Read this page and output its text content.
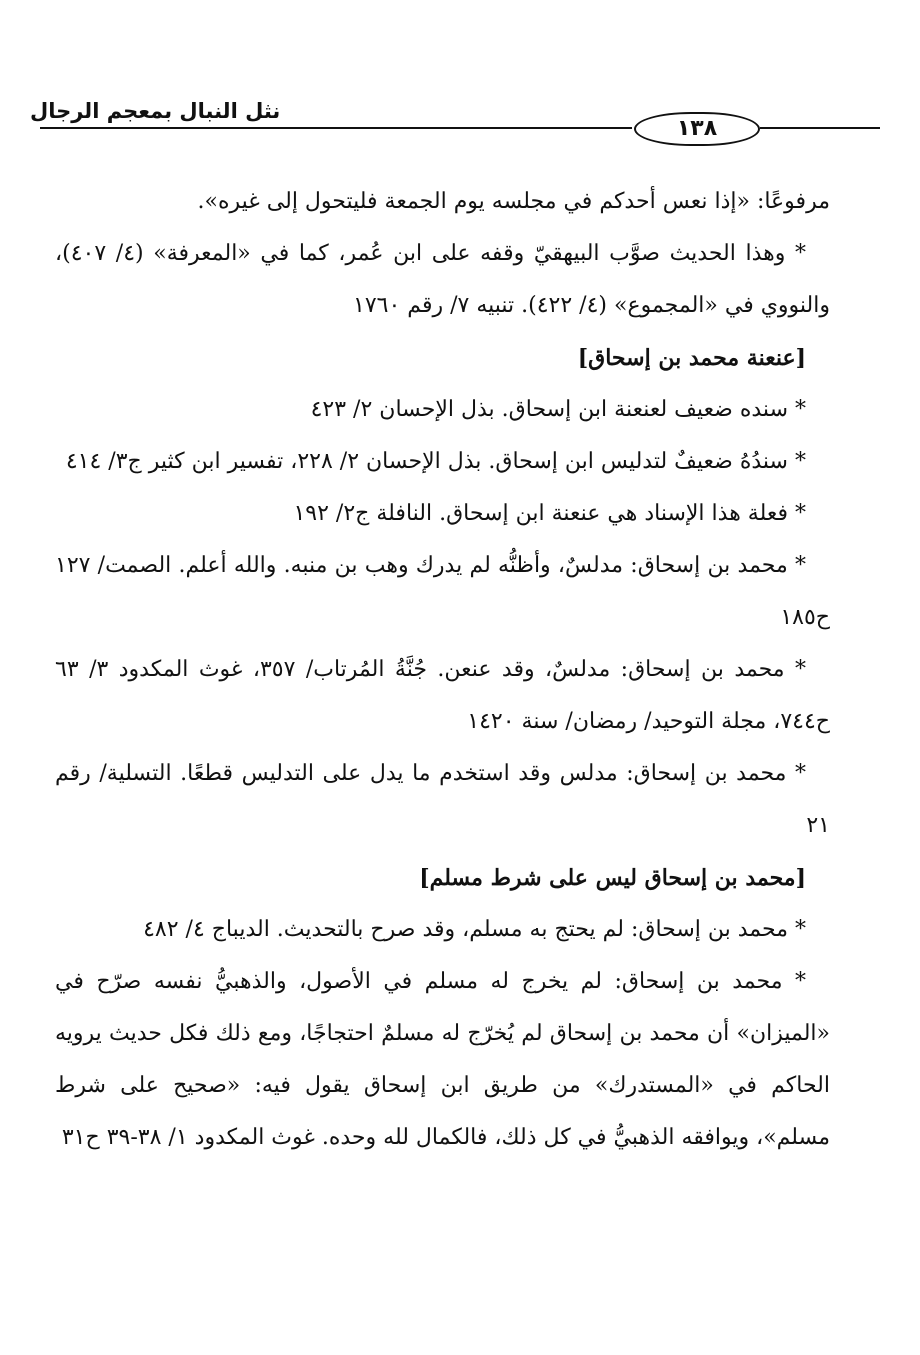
نثل النبال بمعجم الرجال
١٣٨

مرفوعًا: «إذا نعس أحدكم في مجلسه يوم الجمعة فليتحول إلى غيره».

* وهذا الحديث صوَّب البيهقيّ وقفه على ابن عُمر، كما في «المعرفة» (٤/ ٤٠٧)، والنووي في «المجموع» (٤/ ٤٢٢). تنبيه ٧/ رقم ١٧٦٠

[عنعنة محمد بن إسحاق]

* سنده ضعيف لعنعنة ابن إسحاق. بذل الإحسان ٢/ ٤٢٣

* سندُهُ ضعيفٌ لتدليس ابن إسحاق. بذل الإحسان ٢/ ٢٢٨، تفسير ابن كثير ج٣/ ٤١٤

* فعلة هذا الإسناد هي عنعنة ابن إسحاق. النافلة ج٢/ ١٩٢

* محمد بن إسحاق: مدلسٌ، وأظنُّه لم يدرك وهب بن منبه. والله أعلم. الصمت/ ١٢٧ ح١٨٥

* محمد بن إسحاق: مدلسٌ، وقد عنعن. جُنَّةُ المُرتاب/ ٣٥٧، غوث المكدود ٣/ ٦٣ ح٧٤٤، مجلة التوحيد/ رمضان/ سنة ١٤٢٠

* محمد بن إسحاق: مدلس وقد استخدم ما يدل على التدليس قطعًا. التسلية/ رقم ٢١

[محمد بن إسحاق ليس على شرط مسلم]

* محمد بن إسحاق: لم يحتج به مسلم، وقد صرح بالتحديث. الديباج ٤/ ٤٨٢

* محمد بن إسحاق: لم يخرج له مسلم في الأصول، والذهبيُّ نفسه صرّح في «الميزان» أن محمد بن إسحاق لم يُخرّج له مسلمٌ احتجاجًا، ومع ذلك فكل حديث يرويه الحاكم في «المستدرك» من طريق ابن إسحاق يقول فيه: «صحيح على شرط مسلم»، ويوافقه الذهبيُّ في كل ذلك، فالكمال لله وحده. غوث المكدود ١/ ٣٨-٣٩ ح٣١
